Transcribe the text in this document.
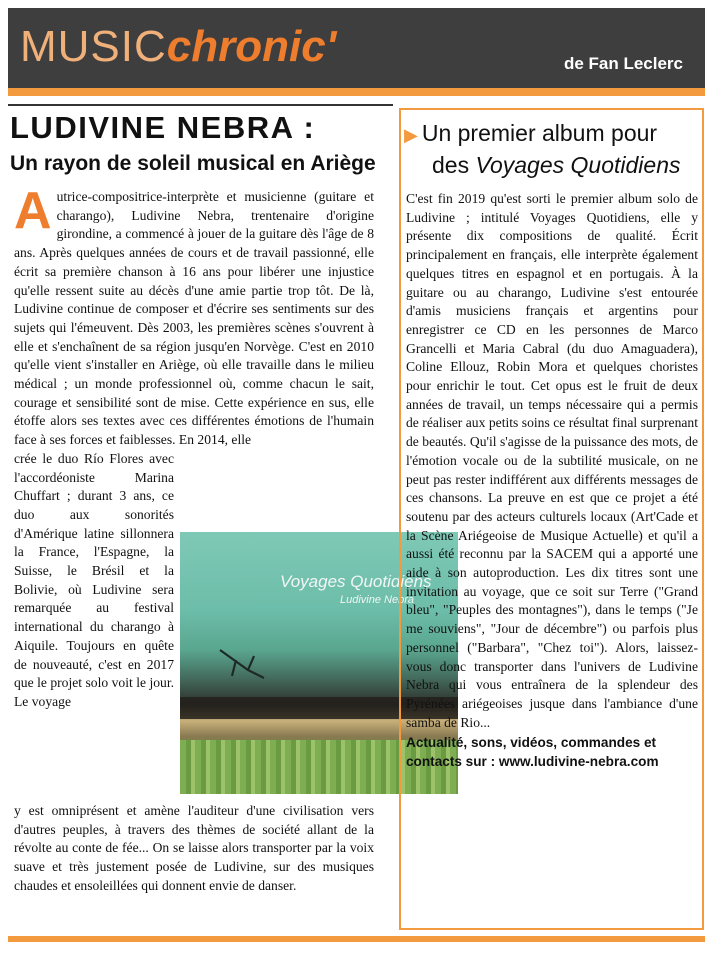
MUSICchronic'	de Fan Leclerc
LUDIVINE NEBRA :
Un rayon de soleil musical en Ariège
A utrice-compositrice-interprète et musicienne (guitare et charango), Ludivine Nebra, trentenaire d'origine girondine, a commencé à jouer de la guitare dès l'âge de 8 ans. Après quelques années de cours et de travail passionné, elle écrit sa première chanson à 16 ans pour libérer une injustice qu'elle ressent suite au décès d'une amie partie trop tôt. De là, Ludivine continue de composer et d'écrire ses sentiments sur des sujets qui l'émeuvent. Dès 2003, les premières scènes s'ouvrent à elle et s'enchaînent de sa région jusqu'en Norvège. C'est en 2010 qu'elle vient s'installer en Ariège, où elle travaille dans le milieu médical ; un monde professionnel où, comme chacun le sait, courage et sensibilité sont de mise. Cette expérience en sus, elle étoffe alors ses textes avec ces différentes émotions de l'humain face à ses forces et faiblesses. En 2014, elle

crée le duo Río Flores avec l'accordéoniste Marina Chuffart ; durant 3 ans, ce duo aux sonorités d'Amérique latine sillonnera la France, l'Espagne, la Suisse, le Brésil et la Bolivie, où Ludivine sera remarquée au festival international du charango à Aiquile. Toujours en quête de nouveauté, c'est en 2017 que le projet solo voit le jour. Le voyage

Voyages Quotidiens
Ludivine Nebra

y est omniprésent et amène l'auditeur d'une civilisation vers d'autres peuples, à travers des thèmes de société allant de la révolte au conte de fée... On se laisse alors transporter par la voix suave et très justement posée de Ludivine, sur des musiques chaudes et ensoleillées qui donnent envie de danser.

▶ Un premier album pour
des Voyages Quotidiens

C'est fin 2019 qu'est sorti le premier album solo de Ludivine ; intitulé Voyages Quotidiens, elle y présente dix compositions de qualité. Écrit principalement en français, elle interprète également quelques titres en espagnol et en portugais. À la guitare ou au charango, Ludivine s'est entourée d'amis musiciens français et argentins pour enregistrer ce CD en les personnes de Marco Grancelli et Maria Cabral (du duo Amaguadera), Coline Ellouz, Robin Mora et quelques choristes pour enrichir le tout. Cet opus est le fruit de deux années de travail, un temps nécessaire qui a permis de réaliser aux petits soins ce résultat final surprenant de beautés. Qu'il s'agisse de la puissance des mots, de l'émotion vocale ou de la subtilité musicale, on ne peut pas rester indifférent aux différents messages de ces chansons. La preuve en est que ce projet a été soutenu par des acteurs culturels locaux (Art'Cade et la Scène Ariégeoise de Musique Actuelle) et qu'il a aussi été reconnu par la SACEM qui a apporté une aide à son autoproduction. Les dix titres sont une invitation au voyage, que ce soit sur Terre ("Grand bleu", "Peuples des montagnes"), dans le temps ("Je me souviens", "Jour de décembre") ou parfois plus personnel ("Barbara", "Chez toi"). Alors, laissez-vous donc transporter dans l'univers de Ludivine Nebra qui vous entraînera de la splendeur des Pyrénées ariégeoises jusque dans l'ambiance d'une samba de Rio...

Actualité, sons, vidéos, commandes et contacts sur : www.ludivine-nebra.com
